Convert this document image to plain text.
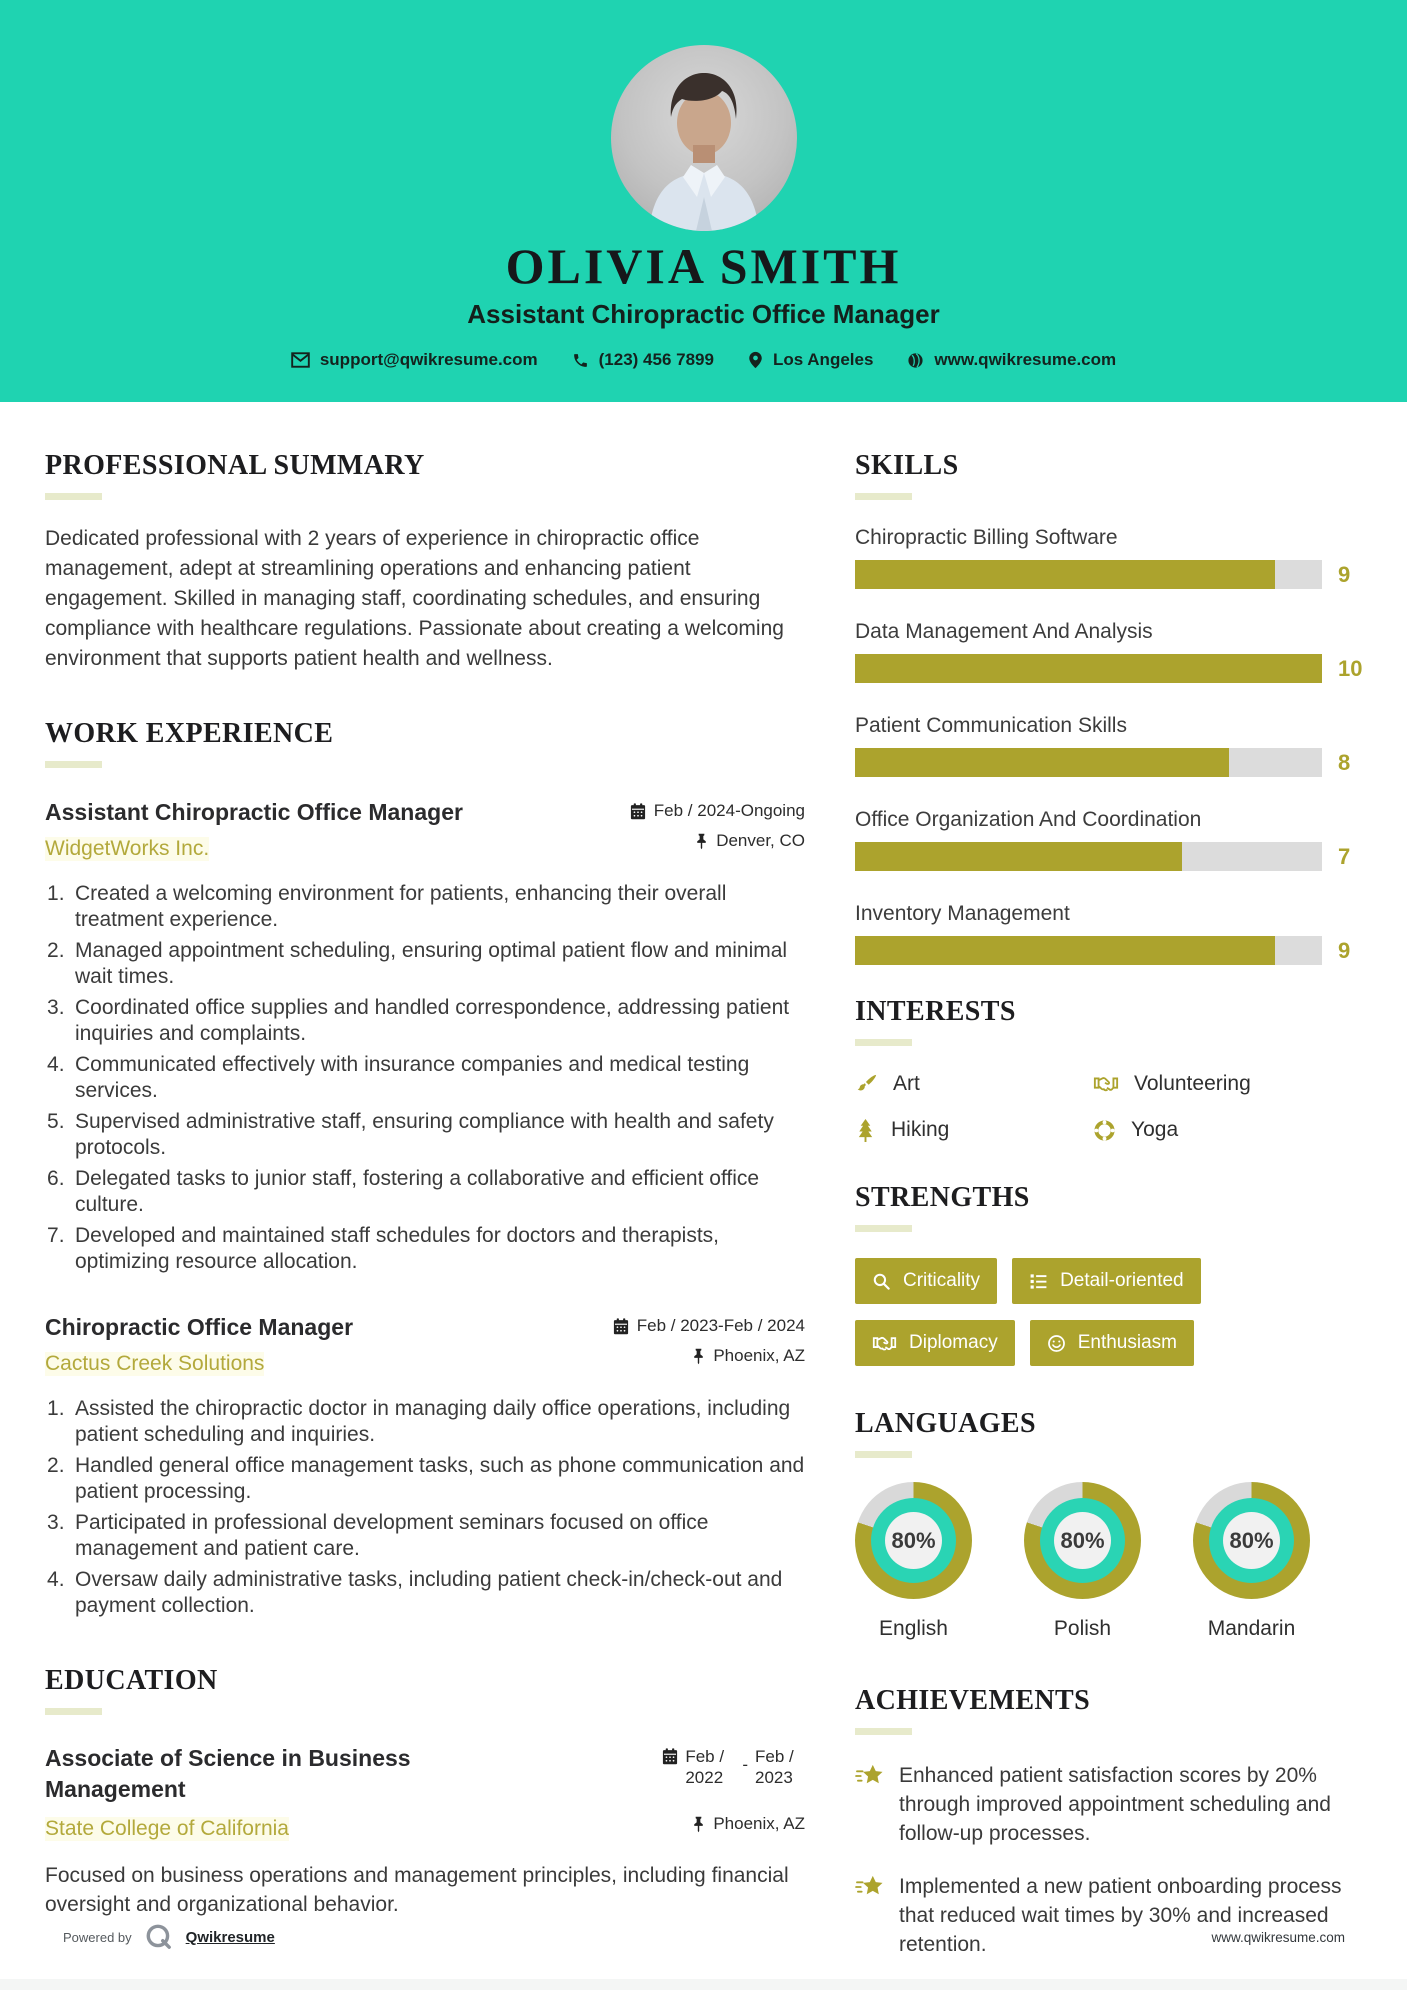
OLIVIA SMITH
Assistant Chiropractic Office Manager
support@qwikresume.com	(123) 456 7899	Los Angeles	www.qwikresume.com
PROFESSIONAL SUMMARY

Dedicated professional with 2 years of experience in chiropractic office management, adept at streamlining operations and enhancing patient engagement. Skilled in managing staff, coordinating schedules, and ensuring compliance with healthcare regulations. Passionate about creating a welcoming environment that supports patient health and wellness.

WORK EXPERIENCE
Assistant Chiropractic Office Manager
WidgetWorks Inc.
Feb / 2024-Ongoing
Denver, CO
Created a welcoming environment for patients, enhancing their overall treatment experience.
Managed appointment scheduling, ensuring optimal patient flow and minimal wait times.
Coordinated office supplies and handled correspondence, addressing patient inquiries and complaints.
Communicated effectively with insurance companies and medical testing services.
Supervised administrative staff, ensuring compliance with health and safety protocols.
Delegated tasks to junior staff, fostering a collaborative and efficient office culture.
Developed and maintained staff schedules for doctors and therapists, optimizing resource allocation.
Chiropractic Office Manager
Cactus Creek Solutions
Feb / 2023-Feb / 2024
Phoenix, AZ
Assisted the chiropractic doctor in managing daily office operations, including patient scheduling and inquiries.
Handled general office management tasks, such as phone communication and patient processing.
Participated in professional development seminars focused on office management and patient care.
Oversaw daily administrative tasks, including patient check-in/check-out and payment collection.
EDUCATION
Associate of Science in Business Management
State College of California
Feb / 2022
- Feb / 2023
Phoenix, AZ

Focused on business operations and management principles, including financial oversight and organizational behavior.

SKILLS
Chiropractic Billing Software
9
Data Management And Analysis
10
Patient Communication Skills
8
Office Organization And Coordination
7
Inventory Management
9
INTERESTS
Art	Volunteering
Hiking	Yoga
STRENGTHS
Criticality	Detail-oriented
Diplomacy	Enthusiasm
LANGUAGES
80%
English
80%
Polish
80%
Mandarin
ACHIEVEMENTS
Enhanced patient satisfaction scores by 20% through improved appointment scheduling and follow-up processes.
Implemented a new patient onboarding process that reduced wait times by 30% and increased retention.
Powered by	Qwikresume	www.qwikresume.com
